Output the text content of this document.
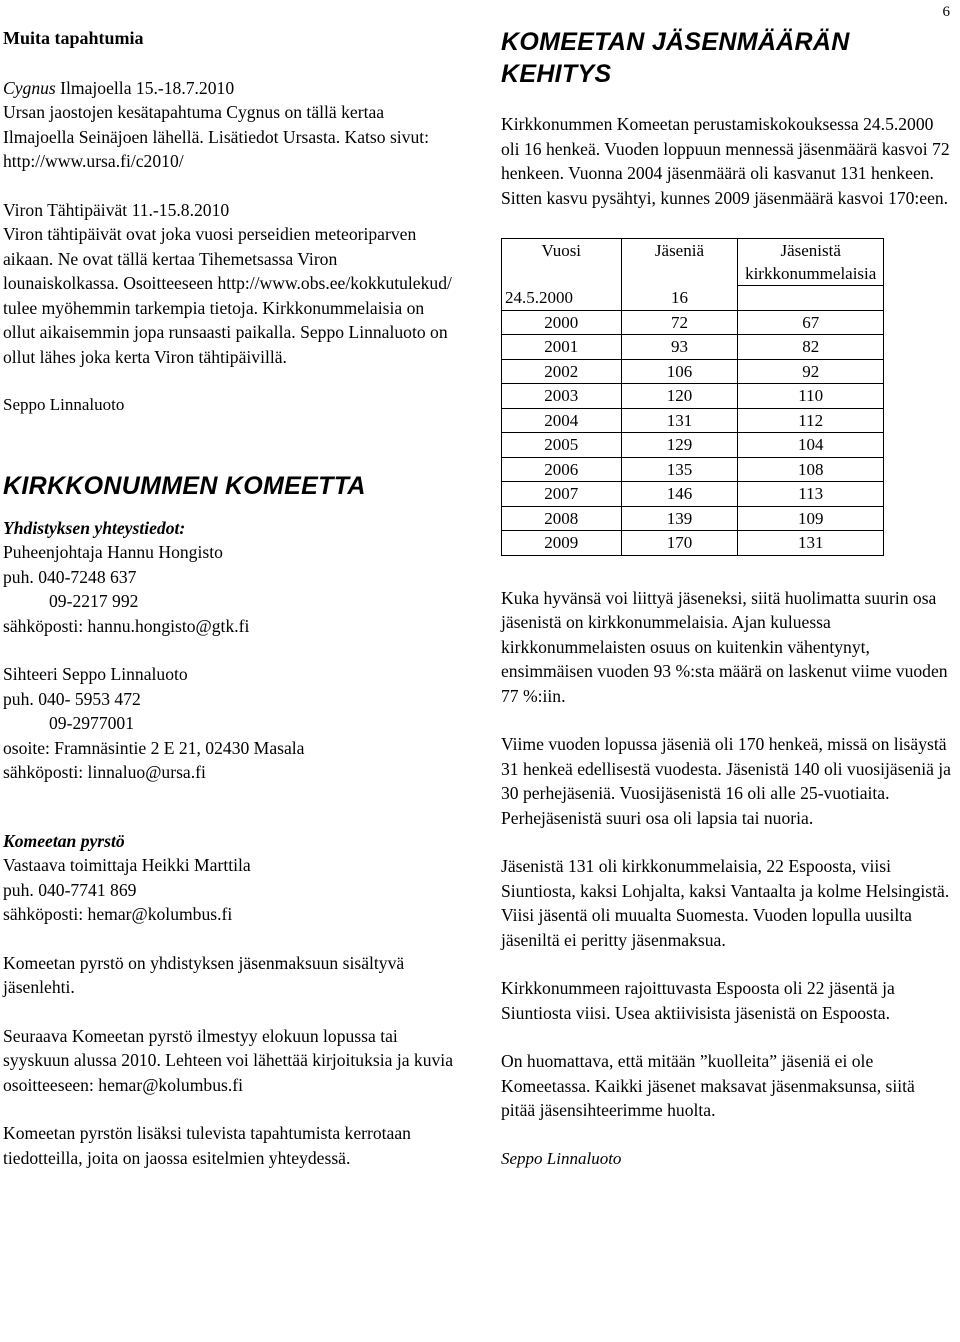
6

Muita tapahtumia

Cygnus Ilmajoella 15.-18.7.2010

Ursan jaostojen kesätapahtuma Cygnus on tällä kertaa Ilmajoella Seinäjoen lähellä. Lisätiedot Ursasta. Katso sivut: http://www.ursa.fi/c2010/

Viron Tähtipäivät 11.-15.8.2010

Viron tähtipäivät ovat joka vuosi perseidien meteoriparven aikaan. Ne ovat tällä kertaa Tihemetsassa Viron lounaiskolkassa. Osoitteeseen http://www.obs.ee/kokkutulekud/ tulee myöhemmin tarkempia tietoja. Kirkkonummelaisia on ollut aikaisemmin jopa runsaasti paikalla. Seppo Linnaluoto on ollut lähes joka kerta Viron tähtipäivillä.

Seppo Linnaluoto

KIRKKONUMMEN KOMEETTA

Yhdistyksen yhteystiedot:

Puheenjohtaja Hannu Hongisto

puh. 040-7248 637

09-2217 992

sähköposti: hannu.hongisto@gtk.fi

Sihteeri Seppo Linnaluoto

puh. 040- 5953 472

09-2977001

osoite: Framnäsintie 2 E 21, 02430 Masala

sähköposti: linnaluo@ursa.fi

Komeetan pyrstö

Vastaava toimittaja Heikki Marttila

puh. 040-7741 869

sähköposti: hemar@kolumbus.fi

Komeetan pyrstö on yhdistyksen jäsenmaksuun sisältyvä jäsenlehti.

Seuraava Komeetan pyrstö ilmestyy elokuun lopussa tai syyskuun alussa 2010. Lehteen voi lähettää kirjoituksia ja kuvia osoitteeseen: hemar@kolumbus.fi

Komeetan pyrstön lisäksi tulevista tapahtumista kerrotaan tiedotteilla, joita on jaossa esitelmien yhteydessä.

KOMEETAN JÄSENMÄÄRÄN KEHITYS

Kirkkonummen Komeetan perustamiskokouksessa 24.5.2000 oli 16 henkeä. Vuoden loppuun mennessä jäsenmäärä kasvoi 72 henkeen. Vuonna 2004 jäsenmäärä oli kasvanut 131 henkeen. Sitten kasvu pysähtyi, kunnes 2009 jäsenmäärä kasvoi 170:een.

Vuosi	Jäseniä	Jäsenistä kirkkonummelaisia
24.5.2000	16	
2000	72	67
2001	93	82
2002	106	92
2003	120	110
2004	131	112
2005	129	104
2006	135	108
2007	146	113
2008	139	109
2009	170	131

Kuka hyvänsä voi liittyä jäseneksi, siitä huolimatta suurin osa jäsenistä on kirkkonummelaisia. Ajan kuluessa kirkkonummelaisten osuus on kuitenkin vähentynyt, ensimmäisen vuoden 93 %:sta määrä on laskenut viime vuoden 77 %:iin.

Viime vuoden lopussa jäseniä oli 170 henkeä, missä on lisäystä 31 henkeä edellisestä vuodesta. Jäsenistä 140 oli vuosijäseniä ja 30 perhejäseniä. Vuosijäsenistä 16 oli alle 25-vuotiaita. Perhejäsenistä suuri osa oli lapsia tai nuoria.

Jäsenistä 131 oli kirkkonummelaisia, 22 Espoosta, viisi Siuntiosta, kaksi Lohjalta, kaksi Vantaalta ja kolme Helsingistä. Viisi jäsentä oli muualta Suomesta. Vuoden lopulla uusilta jäseniltä ei peritty jäsenmaksua.

Kirkkonummeen rajoittuvasta Espoosta oli 22 jäsentä ja Siuntiosta viisi. Usea aktiivisista jäsenistä on Espoosta.

On huomattava, että mitään ”kuolleita” jäseniä ei ole Komeetassa. Kaikki jäsenet maksavat jäsenmaksunsa, siitä pitää jäsensihteerimme huolta.

Seppo Linnaluoto
